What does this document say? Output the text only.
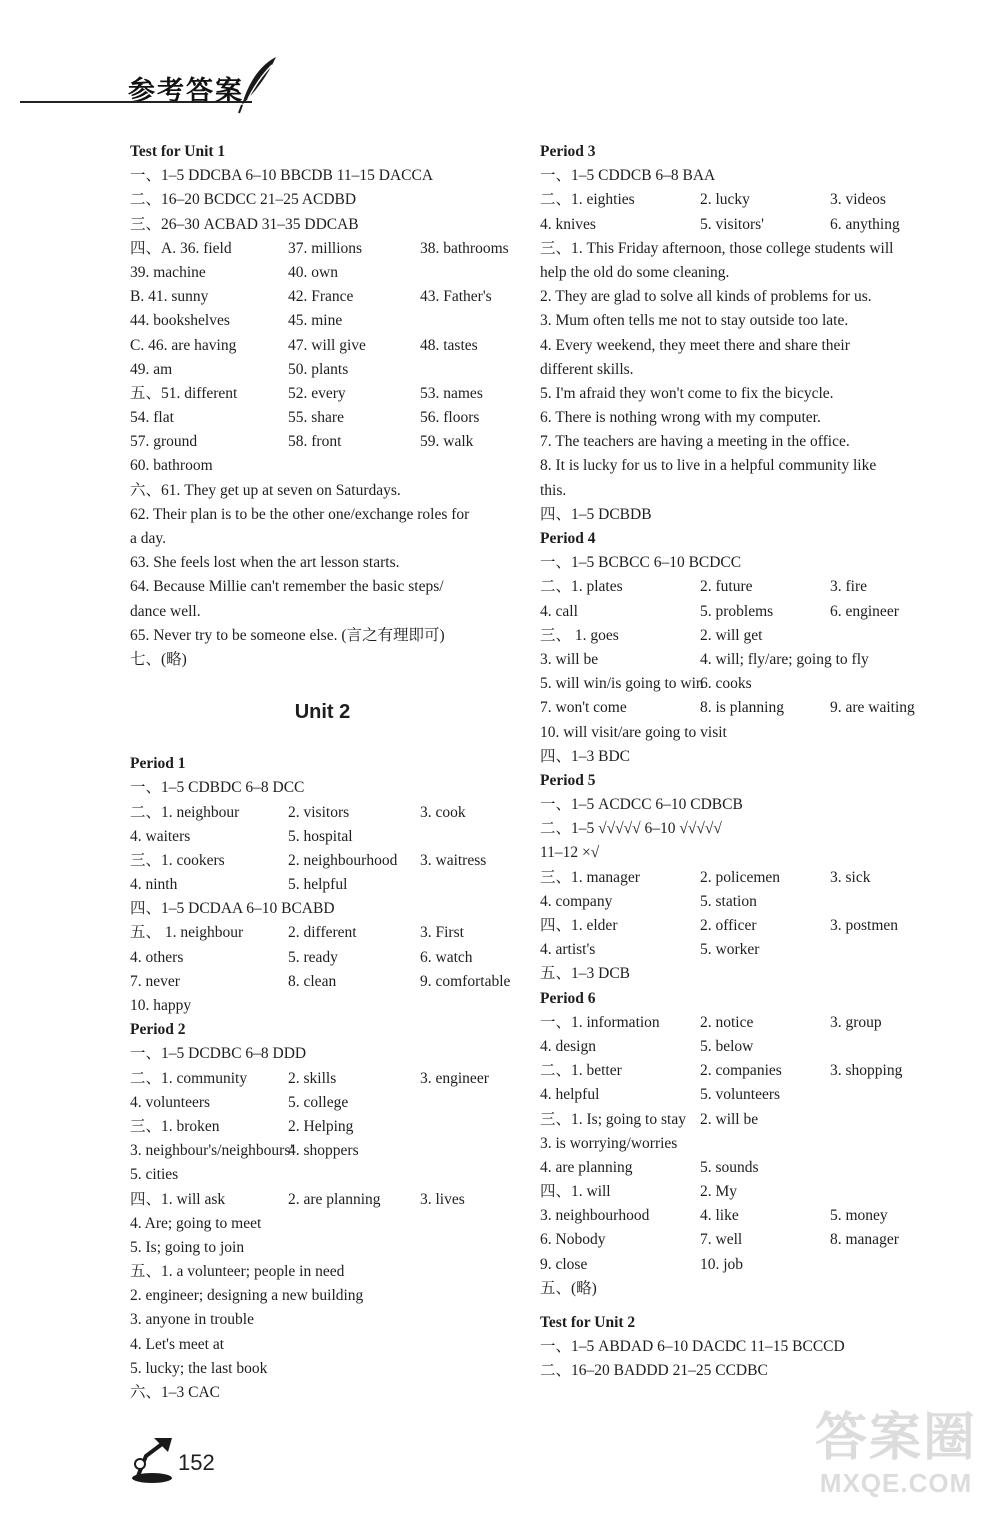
参考答案
Test for Unit 1
一、1–5 DDCBA 6–10 BBCDB 11–15 DACCA
二、16–20 BCDCC 21–25 ACDBD
三、26–30 ACBAD 31–35 DDCAB
四、A. 36. field	37. millions	38. bathrooms
39. machine	40. own
B. 41. sunny	42. France	43. Father's
44. bookshelves	45. mine
C. 46. are having	47. will give	48. tastes
49. am	50. plants
五、51. different	52. every	53. names
54. flat	55. share	56. floors
57. ground	58. front	59. walk
60. bathroom
六、61. They get up at seven on Saturdays.
62. Their plan is to be the other one/exchange roles for
a day.
63. She feels lost when the art lesson starts.
64. Because Millie can't remember the basic steps/
dance well.
65. Never try to be someone else. (言之有理即可)
七、(略)
Unit 2
Period 1
一、1–5 CDBDC 6–8 DCC
二、1. neighbour	2. visitors	3. cook
4. waiters	5. hospital
三、1. cookers	2. neighbourhood 3. waitress
4. ninth	5. helpful
四、1–5 DCDAA 6–10 BCABD
五、 1. neighbour	2. different	3. First
4. others	5. ready	6. watch
7. never	8. clean	9. comfortable
10. happy
Period 2
一、1–5 DCDBC 6–8 DDD
二、1. community	2. skills	3. engineer
4. volunteers	5. college
三、1. broken	2. Helping
3. neighbour's/neighbours'
4. shoppers
5. cities
四、1. will ask	2. are planning	3. lives
4. Are; going to meet
5. Is; going to join
五、1. a volunteer; people in need
2. engineer; designing a new building
3. anyone in trouble
4. Let's meet at
5. lucky; the last book
六、1–3 CAC
Period 3
一、1–5 CDDCB 6–8 BAA
二、1. eighties	2. lucky	3. videos
4. knives	5. visitors'	6. anything
三、1. This Friday afternoon, those college students will
help the old do some cleaning.
2. They are glad to solve all kinds of problems for us.
3. Mum often tells me not to stay outside too late.
4. Every weekend, they meet there and share their
different skills.
5. I'm afraid they won't come to fix the bicycle.
6. There is nothing wrong with my computer.
7. The teachers are having a meeting in the office.
8. It is lucky for us to live in a helpful community like
this.
四、1–5 DCBDB
Period 4
一、1–5 BCBCC 6–10 BCDCC
二、1. plates	2. future	3. fire
4. call	5. problems	6. engineer
三、 1. goes	2. will get
3. will be	4. will; fly/are; going to fly
5. will win/is going to win
6. cooks
7. won't come	8. is planning	9. are waiting
10. will visit/are going to visit
四、1–3 BDC
Period 5
一、1–5 ACDCC 6–10 CDBCB
二、1–5 √√√√√ 6–10 √√√√√
11–12 ×√
三、1. manager	2. policemen	3. sick
4. company	5. station
四、1. elder	2. officer	3. postmen
4. artist's	5. worker
五、1–3 DCB
Period 6
一、1. information	2. notice	3. group
4. design	5. below
二、1. better	2. companies	3. shopping
4. helpful	5. volunteers
三、1. Is; going to stay 2. will be
3. is worrying/worries
4. are planning	5. sounds
四、1. will	2. My
3. neighbourhood	4. like	5. money
6. Nobody	7. well	8. manager
9. close	10. job
五、(略)
Test for Unit 2
一、1–5 ABDAD 6–10 DACDC 11–15 BCCCD
二、16–20 BADDD 21–25 CCDBC
152	答案圈
MXQE.COM
